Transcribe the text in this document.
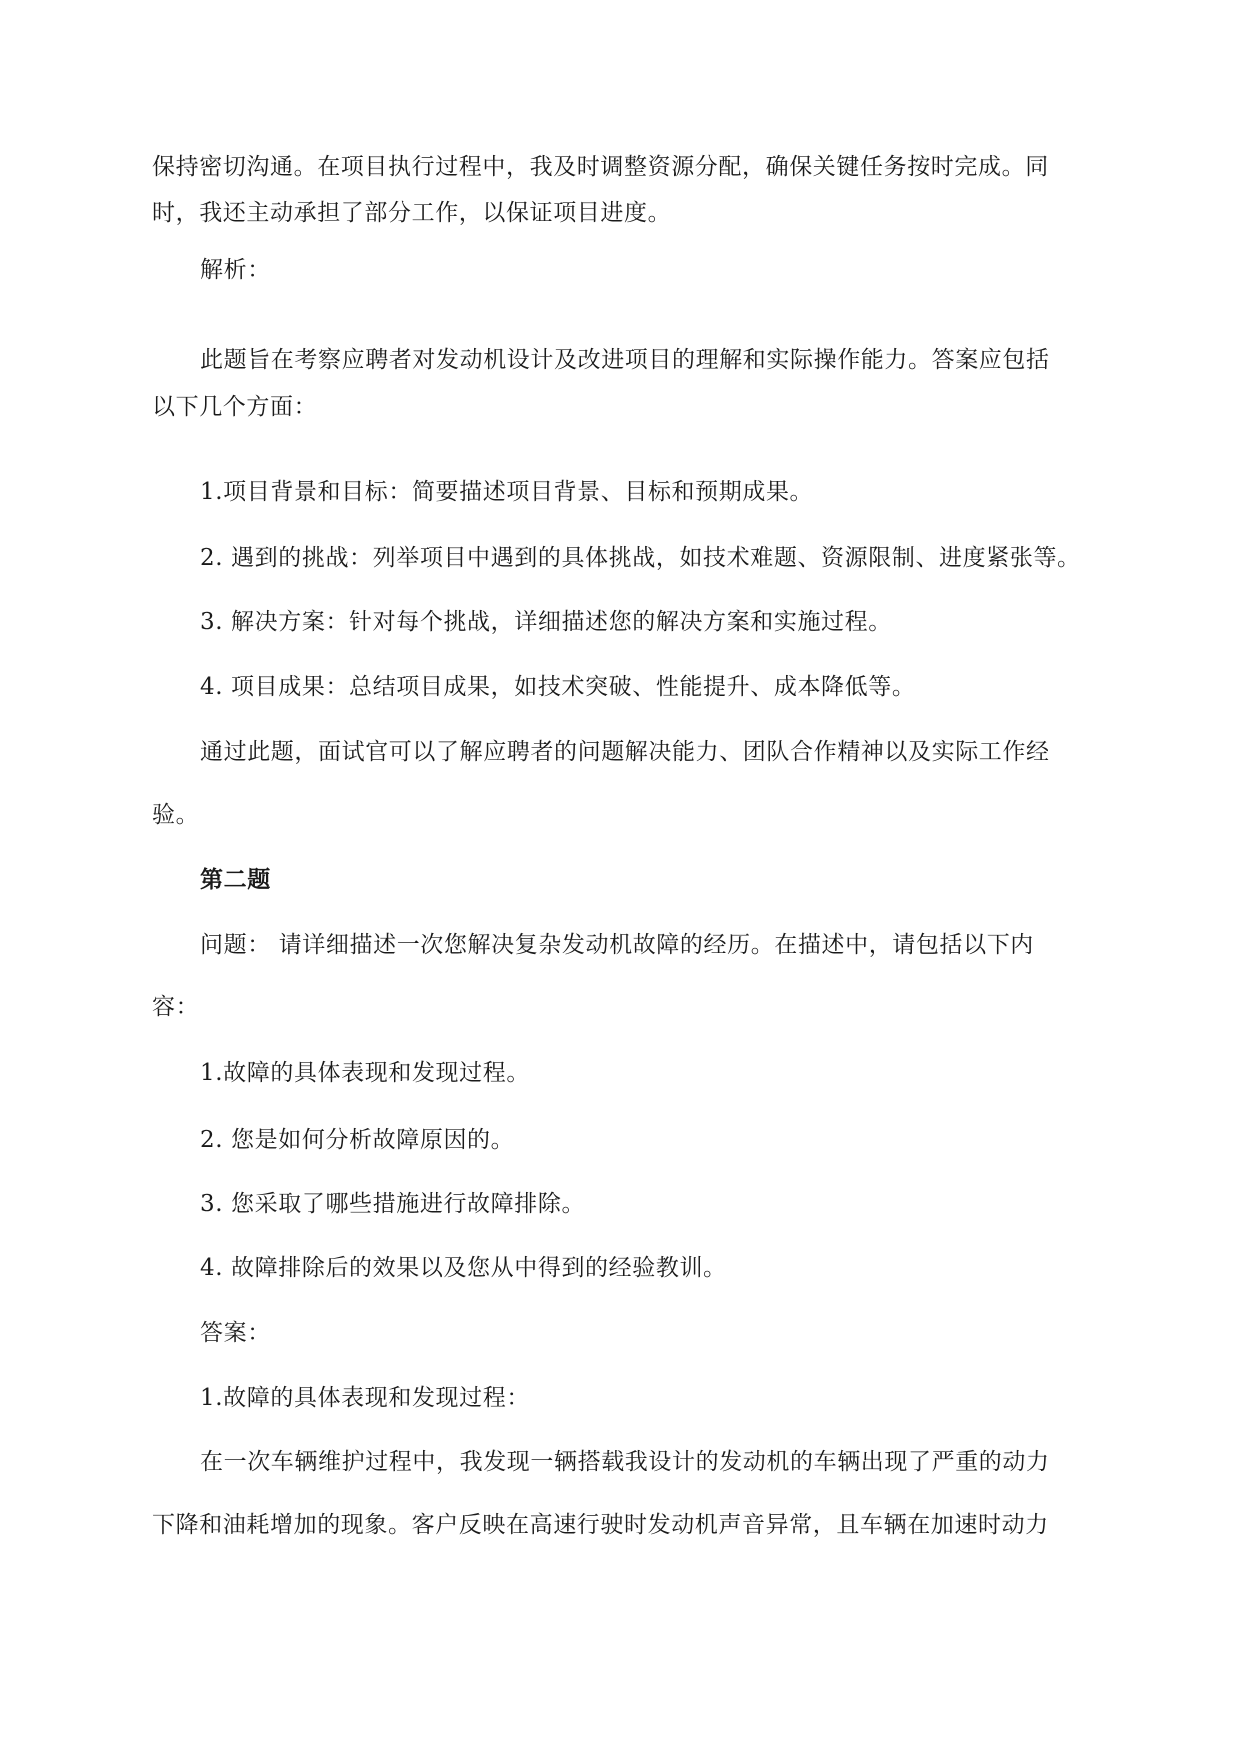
保持密切沟通。在项目执行过程中，我及时调整资源分配，确保关键任务按时完成。同
时，我还主动承担了部分工作，以保证项目进度。
解析：
此题旨在考察应聘者对发动机设计及改进项目的理解和实际操作能力。答案应包括
以下几个方面：
1.项目背景和目标：简要描述项目背景、目标和预期成果。
2. 遇到的挑战：列举项目中遇到的具体挑战，如技术难题、资源限制、进度紧张等。
3. 解决方案：针对每个挑战，详细描述您的解决方案和实施过程。
4. 项目成果：总结项目成果，如技术突破、性能提升、成本降低等。
通过此题，面试官可以了解应聘者的问题解决能力、团队合作精神以及实际工作经
验。
第二题
问题： 请详细描述一次您解决复杂发动机故障的经历。在描述中，请包括以下内
容：
1.故障的具体表现和发现过程。
2. 您是如何分析故障原因的。
3. 您采取了哪些措施进行故障排除。
4. 故障排除后的效果以及您从中得到的经验教训。
答案：
1.故障的具体表现和发现过程：
在一次车辆维护过程中，我发现一辆搭载我设计的发动机的车辆出现了严重的动力
下降和油耗增加的现象。客户反映在高速行驶时发动机声音异常，且车辆在加速时动力
